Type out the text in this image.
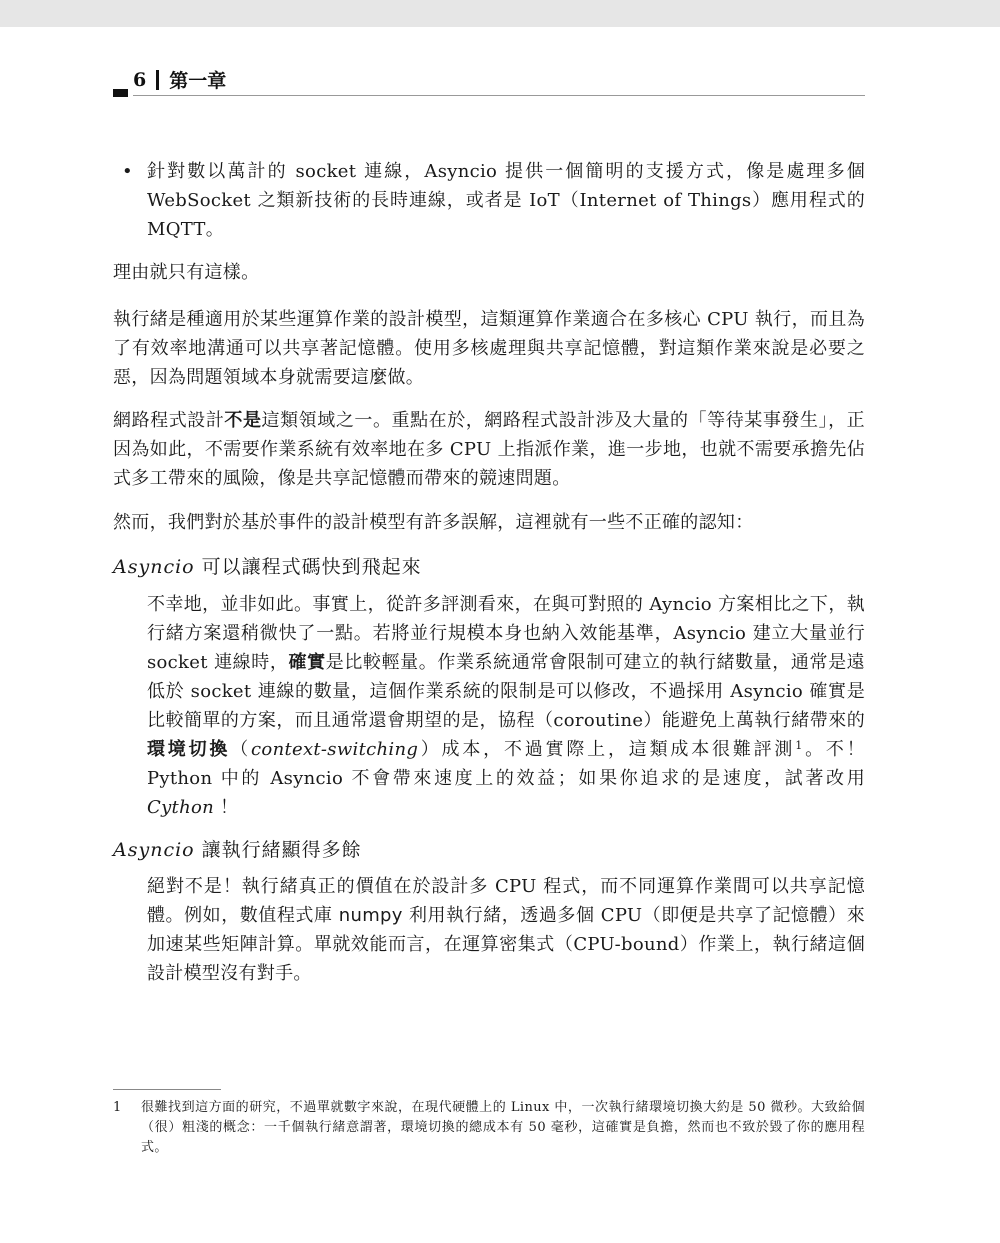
6 第一章
• 針對數以萬計的 socket 連線，Asyncio 提供一個簡明的支援方式，像是處理多個 WebSocket 之類新技術的長時連線，或者是 IoT（Internet of Things）應用程式的 MQTT。
理由就只有這樣。
執行緒是種適用於某些運算作業的設計模型，這類運算作業適合在多核心 CPU 執行，而且為了有效率地溝通可以共享著記憶體。使用多核處理與共享記憶體，對這類作業來說是必要之惡，因為問題領域本身就需要這麼做。
網路程式設計不是這類領域之一。重點在於，網路程式設計涉及大量的「等待某事發生」，正因為如此，不需要作業系統有效率地在多 CPU 上指派作業，進一步地，也就不需要承擔先佔式多工帶來的風險，像是共享記憶體而帶來的競速問題。
然而，我們對於基於事件的設計模型有許多誤解，這裡就有一些不正確的認知：
Asyncio 可以讓程式碼快到飛起來
不幸地，並非如此。事實上，從許多評測看來，在與可對照的 Ayncio 方案相比之下，執行緒方案還稍微快了一點。若將並行規模本身也納入效能基準，Asyncio 建立大量並行 socket 連線時，確實是比較輕量。作業系統通常會限制可建立的執行緒數量，通常是遠低於 socket 連線的數量，這個作業系統的限制是可以修改，不過採用 Asyncio 確實是比較簡單的方案，而且通常還會期望的是，協程（coroutine）能避免上萬執行緒帶來的環境切換（context-switching）成本，不過實際上，這類成本很難評測$^1$。不！ Python 中的 Asyncio 不會帶來速度上的效益；如果你追求的是速度，試著改用 Cython ！
Asyncio 讓執行緒顯得多餘
絕對不是！執行緒真正的價值在於設計多 CPU 程式，而不同運算作業間可以共享記憶體。例如，數值程式庫 numpy 利用執行緒，透過多個 CPU（即便是共享了記憶體）來加速某些矩陣計算。單就效能而言，在運算密集式（CPU-bound）作業上，執行緒這個設計模型沒有對手。
1 很難找到這方面的研究，不過單就數字來說，在現代硬體上的 Linux 中，一次執行緒環境切換大約是 50 微秒。大致給個（很）粗淺的概念：一千個執行緒意謂著，環境切換的總成本有 50 毫秒，這確實是負擔，然而也不致於毀了你的應用程式。
